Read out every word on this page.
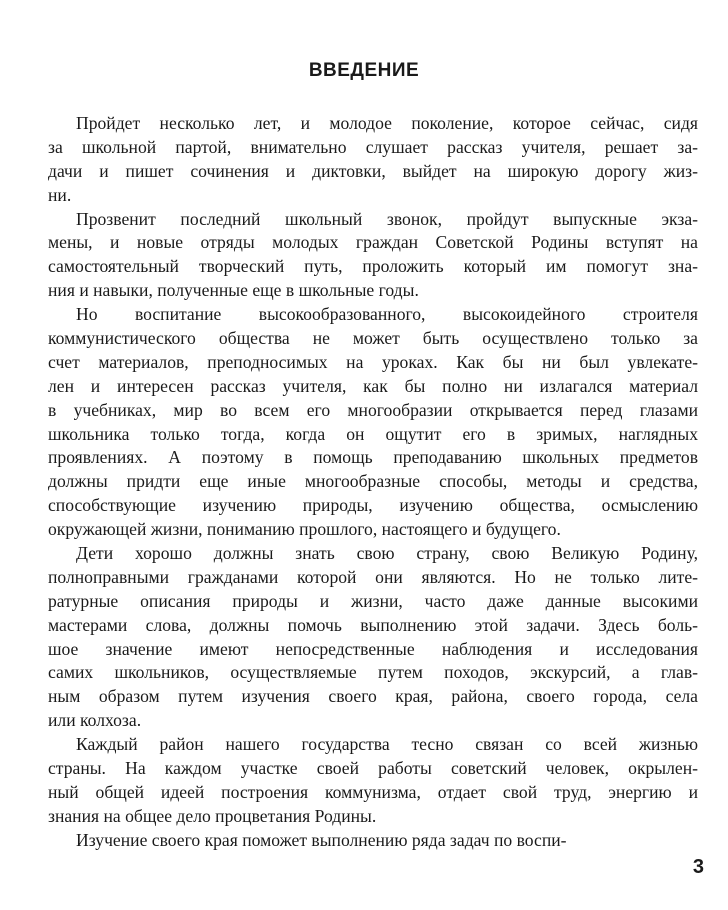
ВВЕДЕНИЕ
Пройдет несколько лет, и молодое поколение, которое сейчас, сидя
за школьной партой, внимательно слушает рассказ учителя, решает за-
дачи и пишет сочинения и диктовки, выйдет на широкую дорогу жиз-
ни.
Прозвенит последний школьный звонок, пройдут выпускные экза-
мены, и новые отряды молодых граждан Советской Родины вступят на
самостоятельный творческий путь, проложить который им помогут зна-
ния и навыки, полученные еще в школьные годы.
Но воспитание высокообразованного, высокоидейного строителя
коммунистического общества не может быть осуществлено только за
счет материалов, преподносимых на уроках. Как бы ни был увлекате-
лен и интересен рассказ учителя, как бы полно ни излагался материал
в учебниках, мир во всем его многообразии открывается перед глазами
школьника только тогда, когда он ощутит его в зримых, наглядных
проявлениях. А поэтому в помощь преподаванию школьных предметов
должны придти еще иные многообразные способы, методы и средства,
способствующие изучению природы, изучению общества, осмыслению
окружающей жизни, пониманию прошлого, настоящего и будущего.
Дети хорошо должны знать свою страну, свою Великую Родину,
полноправными гражданами которой они являются. Но не только лите-
ратурные описания природы и жизни, часто даже данные высокими
мастерами слова, должны помочь выполнению этой задачи. Здесь боль-
шое значение имеют непосредственные наблюдения и исследования
самих школьников, осуществляемые путем походов, экскурсий, а глав-
ным образом путем изучения своего края, района, своего города, села
или колхоза.
Каждый район нашего государства тесно связан со всей жизнью
страны. На каждом участке своей работы советский человек, окрылен-
ный общей идеей построения коммунизма, отдает свой труд, энергию и
знания на общее дело процветания Родины.
Изучение своего края поможет выполнению ряда задач по воспи-
3
